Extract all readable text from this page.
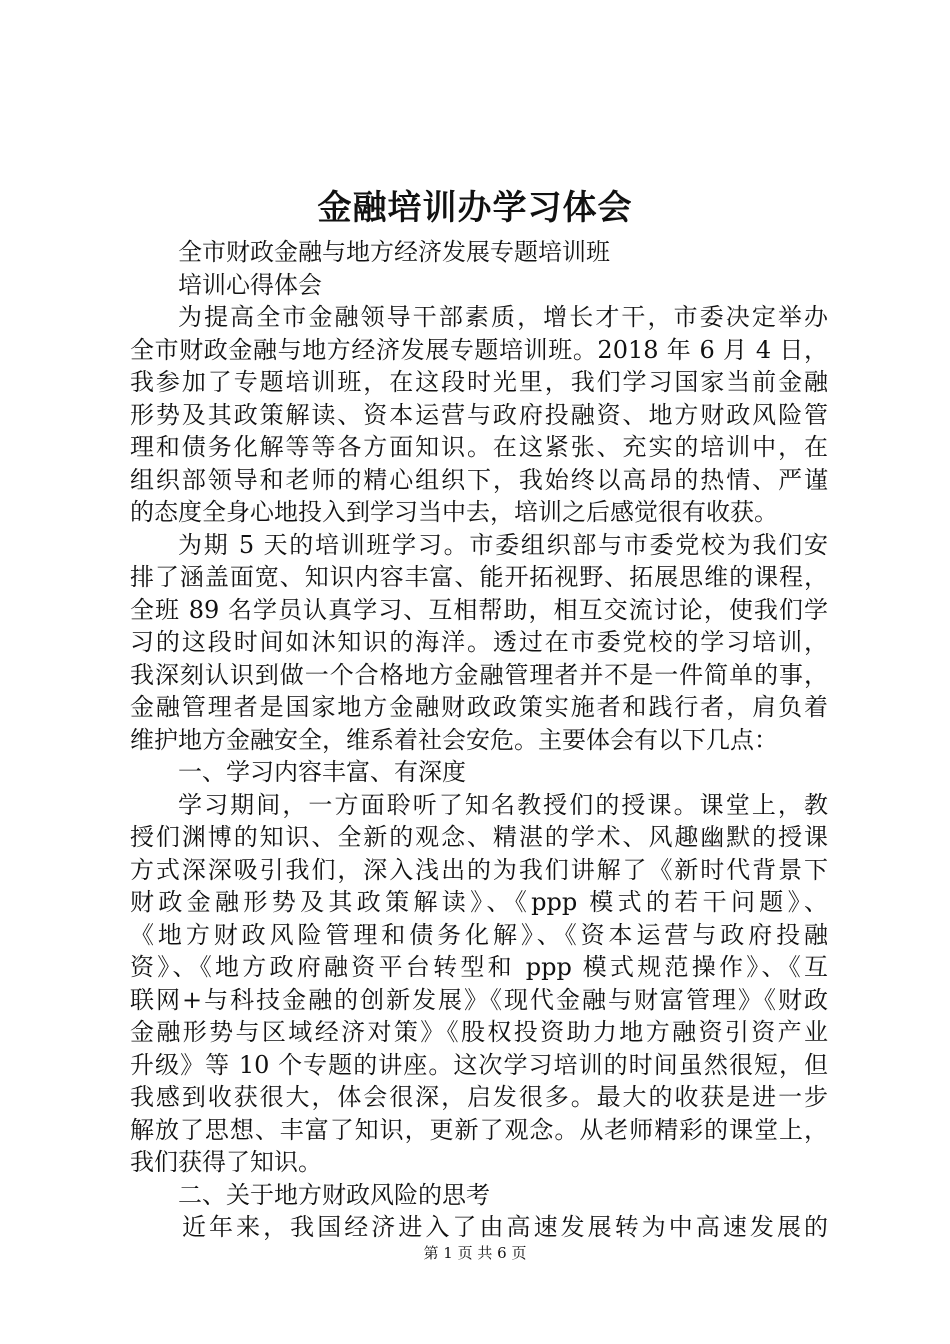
金融培训办学习体会
全市财政金融与地方经济发展专题培训班
培训心得体会
为提高全市金融领导干部素质，增长才干，市委决定举办
全市财政金融与地方经济发展专题培训班。2018 年 6 月 4 日，
我参加了专题培训班，在这段时光里，我们学习国家当前金融
形势及其政策解读、资本运营与政府投融资、地方财政风险管
理和债务化解等等各方面知识。在这紧张、充实的培训中，在
组织部领导和老师的精心组织下，我始终以高昂的热情、严谨
的态度全身心地投入到学习当中去，培训之后感觉很有收获。
为期 5 天的培训班学习。市委组织部与市委党校为我们安
排了涵盖面宽、知识内容丰富、能开拓视野、拓展思维的课程，
全班 89 名学员认真学习、互相帮助，相互交流讨论，使我们学
习的这段时间如沐知识的海洋。透过在市委党校的学习培训，
我深刻认识到做一个合格地方金融管理者并不是一件简单的事，
金融管理者是国家地方金融财政政策实施者和践行者，肩负着
维护地方金融安全，维系着社会安危。主要体会有以下几点：
一、学习内容丰富、有深度
学习期间，一方面聆听了知名教授们的授课。课堂上，教
授们渊博的知识、全新的观念、精湛的学术、风趣幽默的授课
方式深深吸引我们，深入浅出的为我们讲解了《新时代背景下
财政金融形势及其政策解读》、《ppp 模式的若干问题》、
《地方财政风险管理和债务化解》、《资本运营与政府投融
资》、《地方政府融资平台转型和 ppp 模式规范操作》、《互
联网+与科技金融的创新发展》《现代金融与财富管理》《财政
金融形势与区域经济对策》《股权投资助力地方融资引资产业
升级》等 10 个专题的讲座。这次学习培训的时间虽然很短，但
我感到收获很大，体会很深，启发很多。最大的收获是进一步
解放了思想、丰富了知识，更新了观念。从老师精彩的课堂上，
我们获得了知识。
二、关于地方财政风险的思考
近年来，我国经济进入了由高速发展转为中高速发展的
第 1 页 共 6 页
